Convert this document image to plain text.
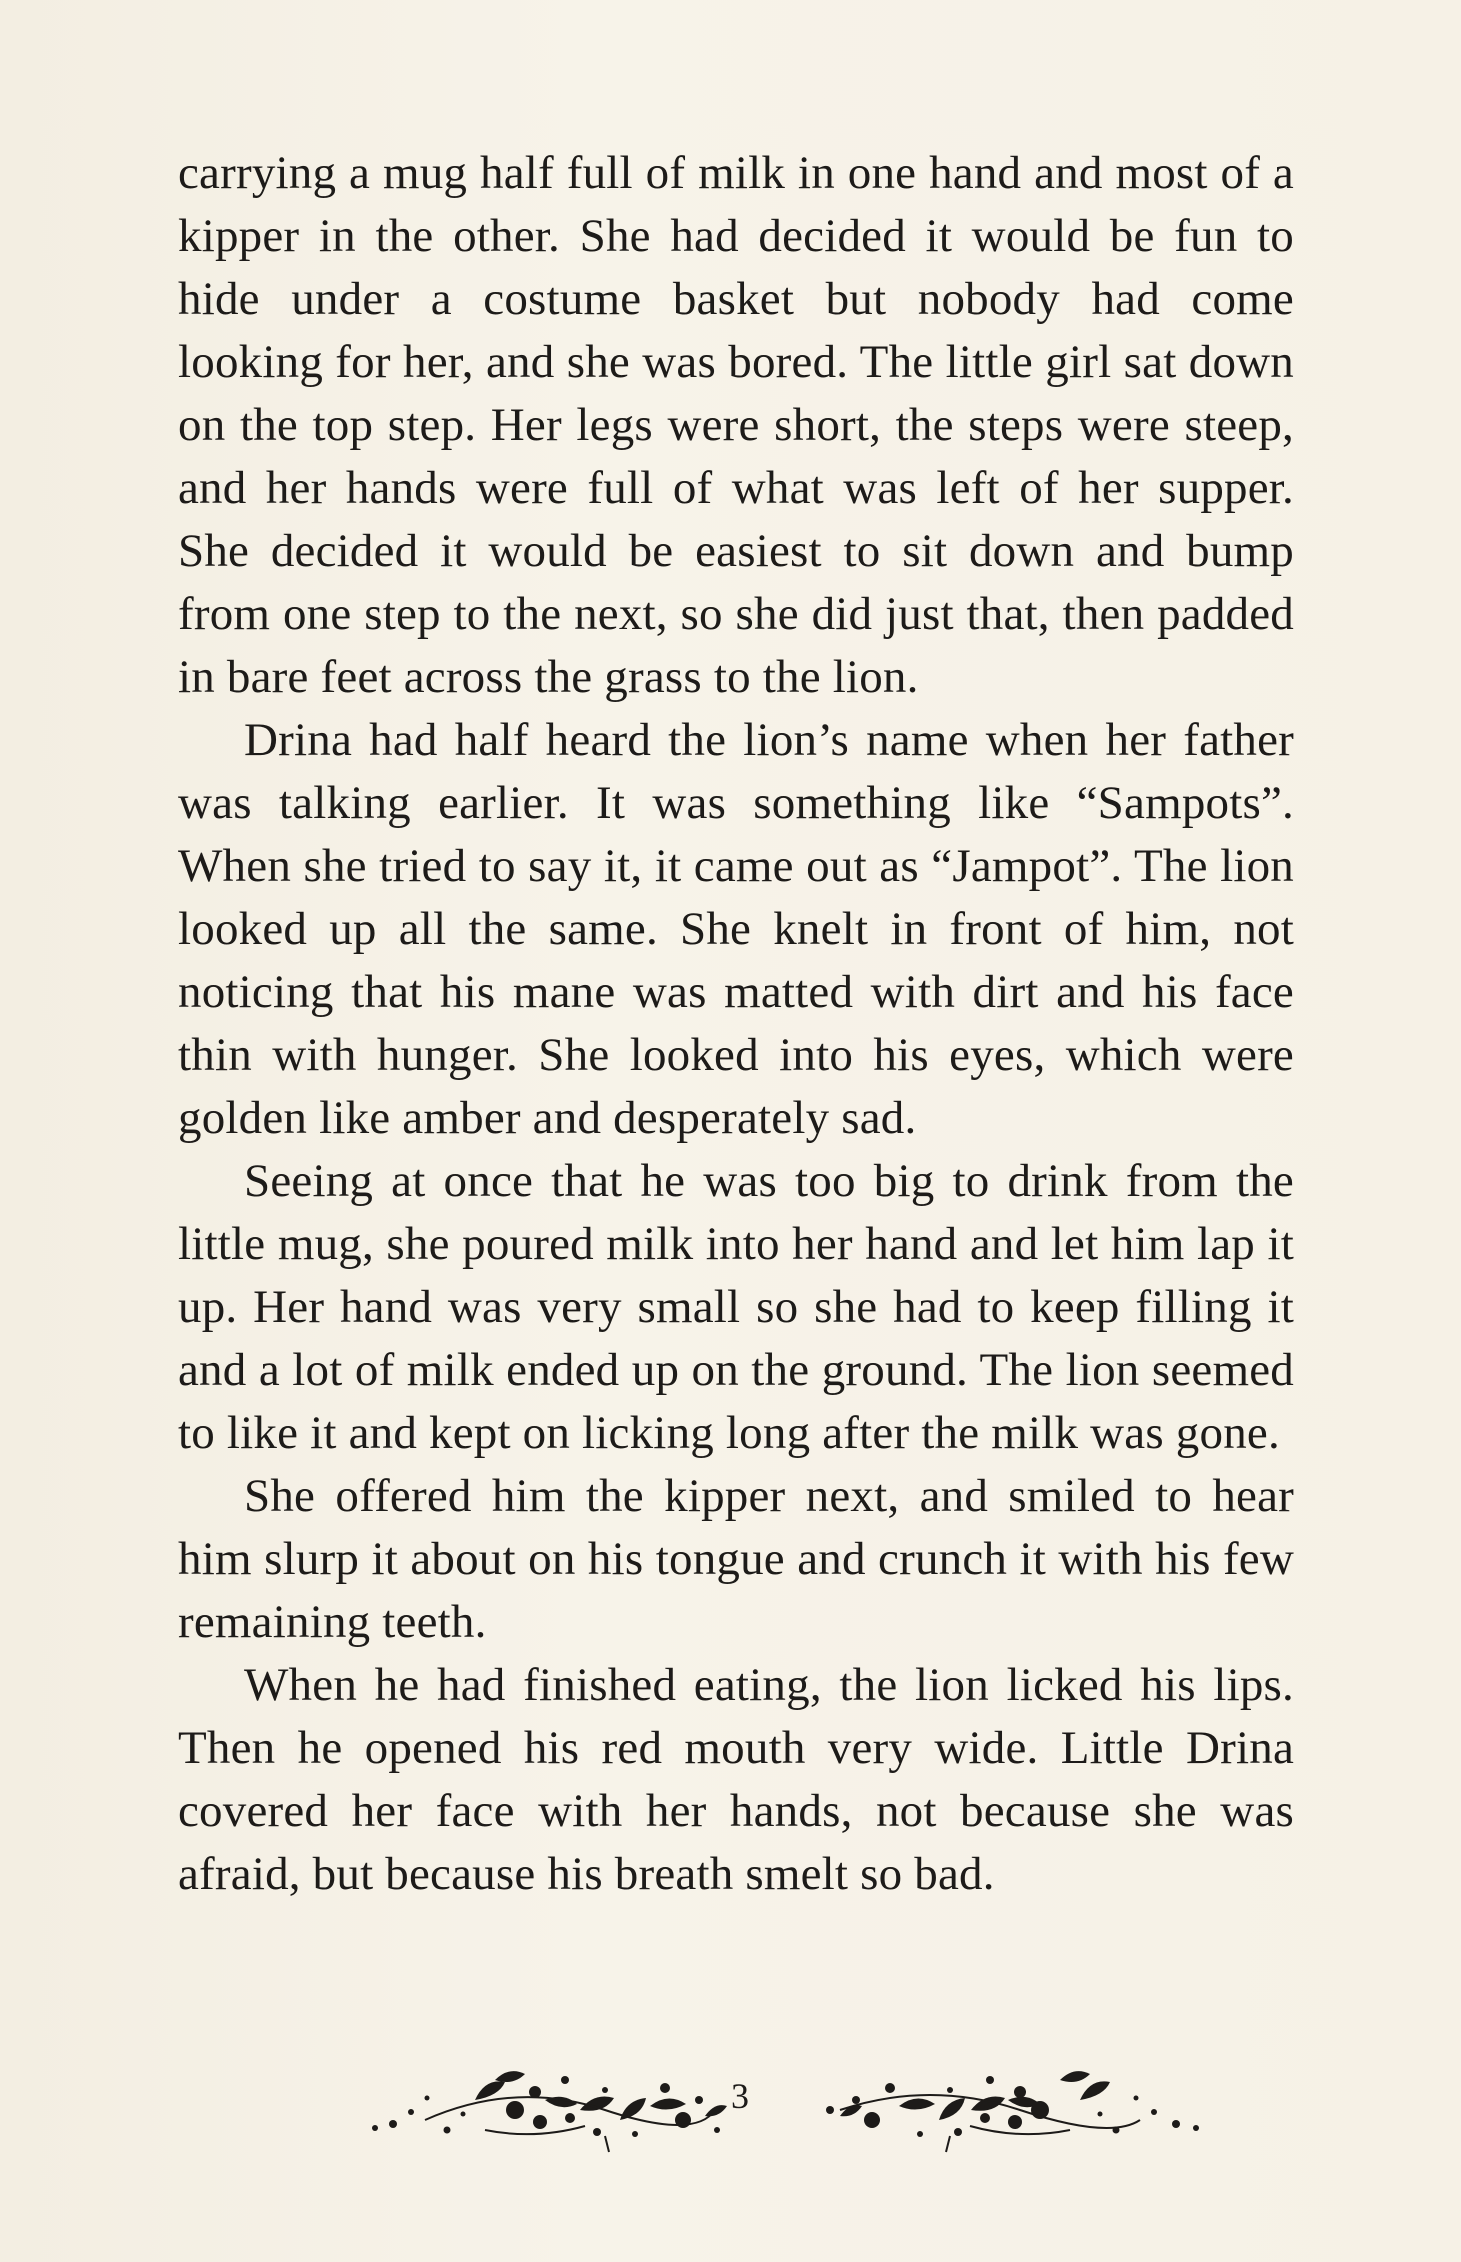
carrying a mug half full of milk in one hand and most of a kipper in the other. She had decided it would be fun to hide under a costume basket but nobody had come looking for her, and she was bored. The little girl sat down on the top step. Her legs were short, the steps were steep, and her hands were full of what was left of her supper. She decided it would be easiest to sit down and bump from one step to the next, so she did just that, then padded in bare feet across the grass to the lion.

Drina had half heard the lion’s name when her father was talking earlier. It was something like “Sampots”. When she tried to say it, it came out as “Jampot”. The lion looked up all the same. She knelt in front of him, not noticing that his mane was matted with dirt and his face thin with hunger. She looked into his eyes, which were golden like amber and desperately sad.

Seeing at once that he was too big to drink from the little mug, she poured milk into her hand and let him lap it up. Her hand was very small so she had to keep filling it and a lot of milk ended up on the ground. The lion seemed to like it and kept on licking long after the milk was gone.

She offered him the kipper next, and smiled to hear him slurp it about on his tongue and crunch it with his few remaining teeth.

When he had finished eating, the lion licked his lips. Then he opened his red mouth very wide. Little Drina covered her face with her hands, not because she was afraid, but because his breath smelt so bad.

3
